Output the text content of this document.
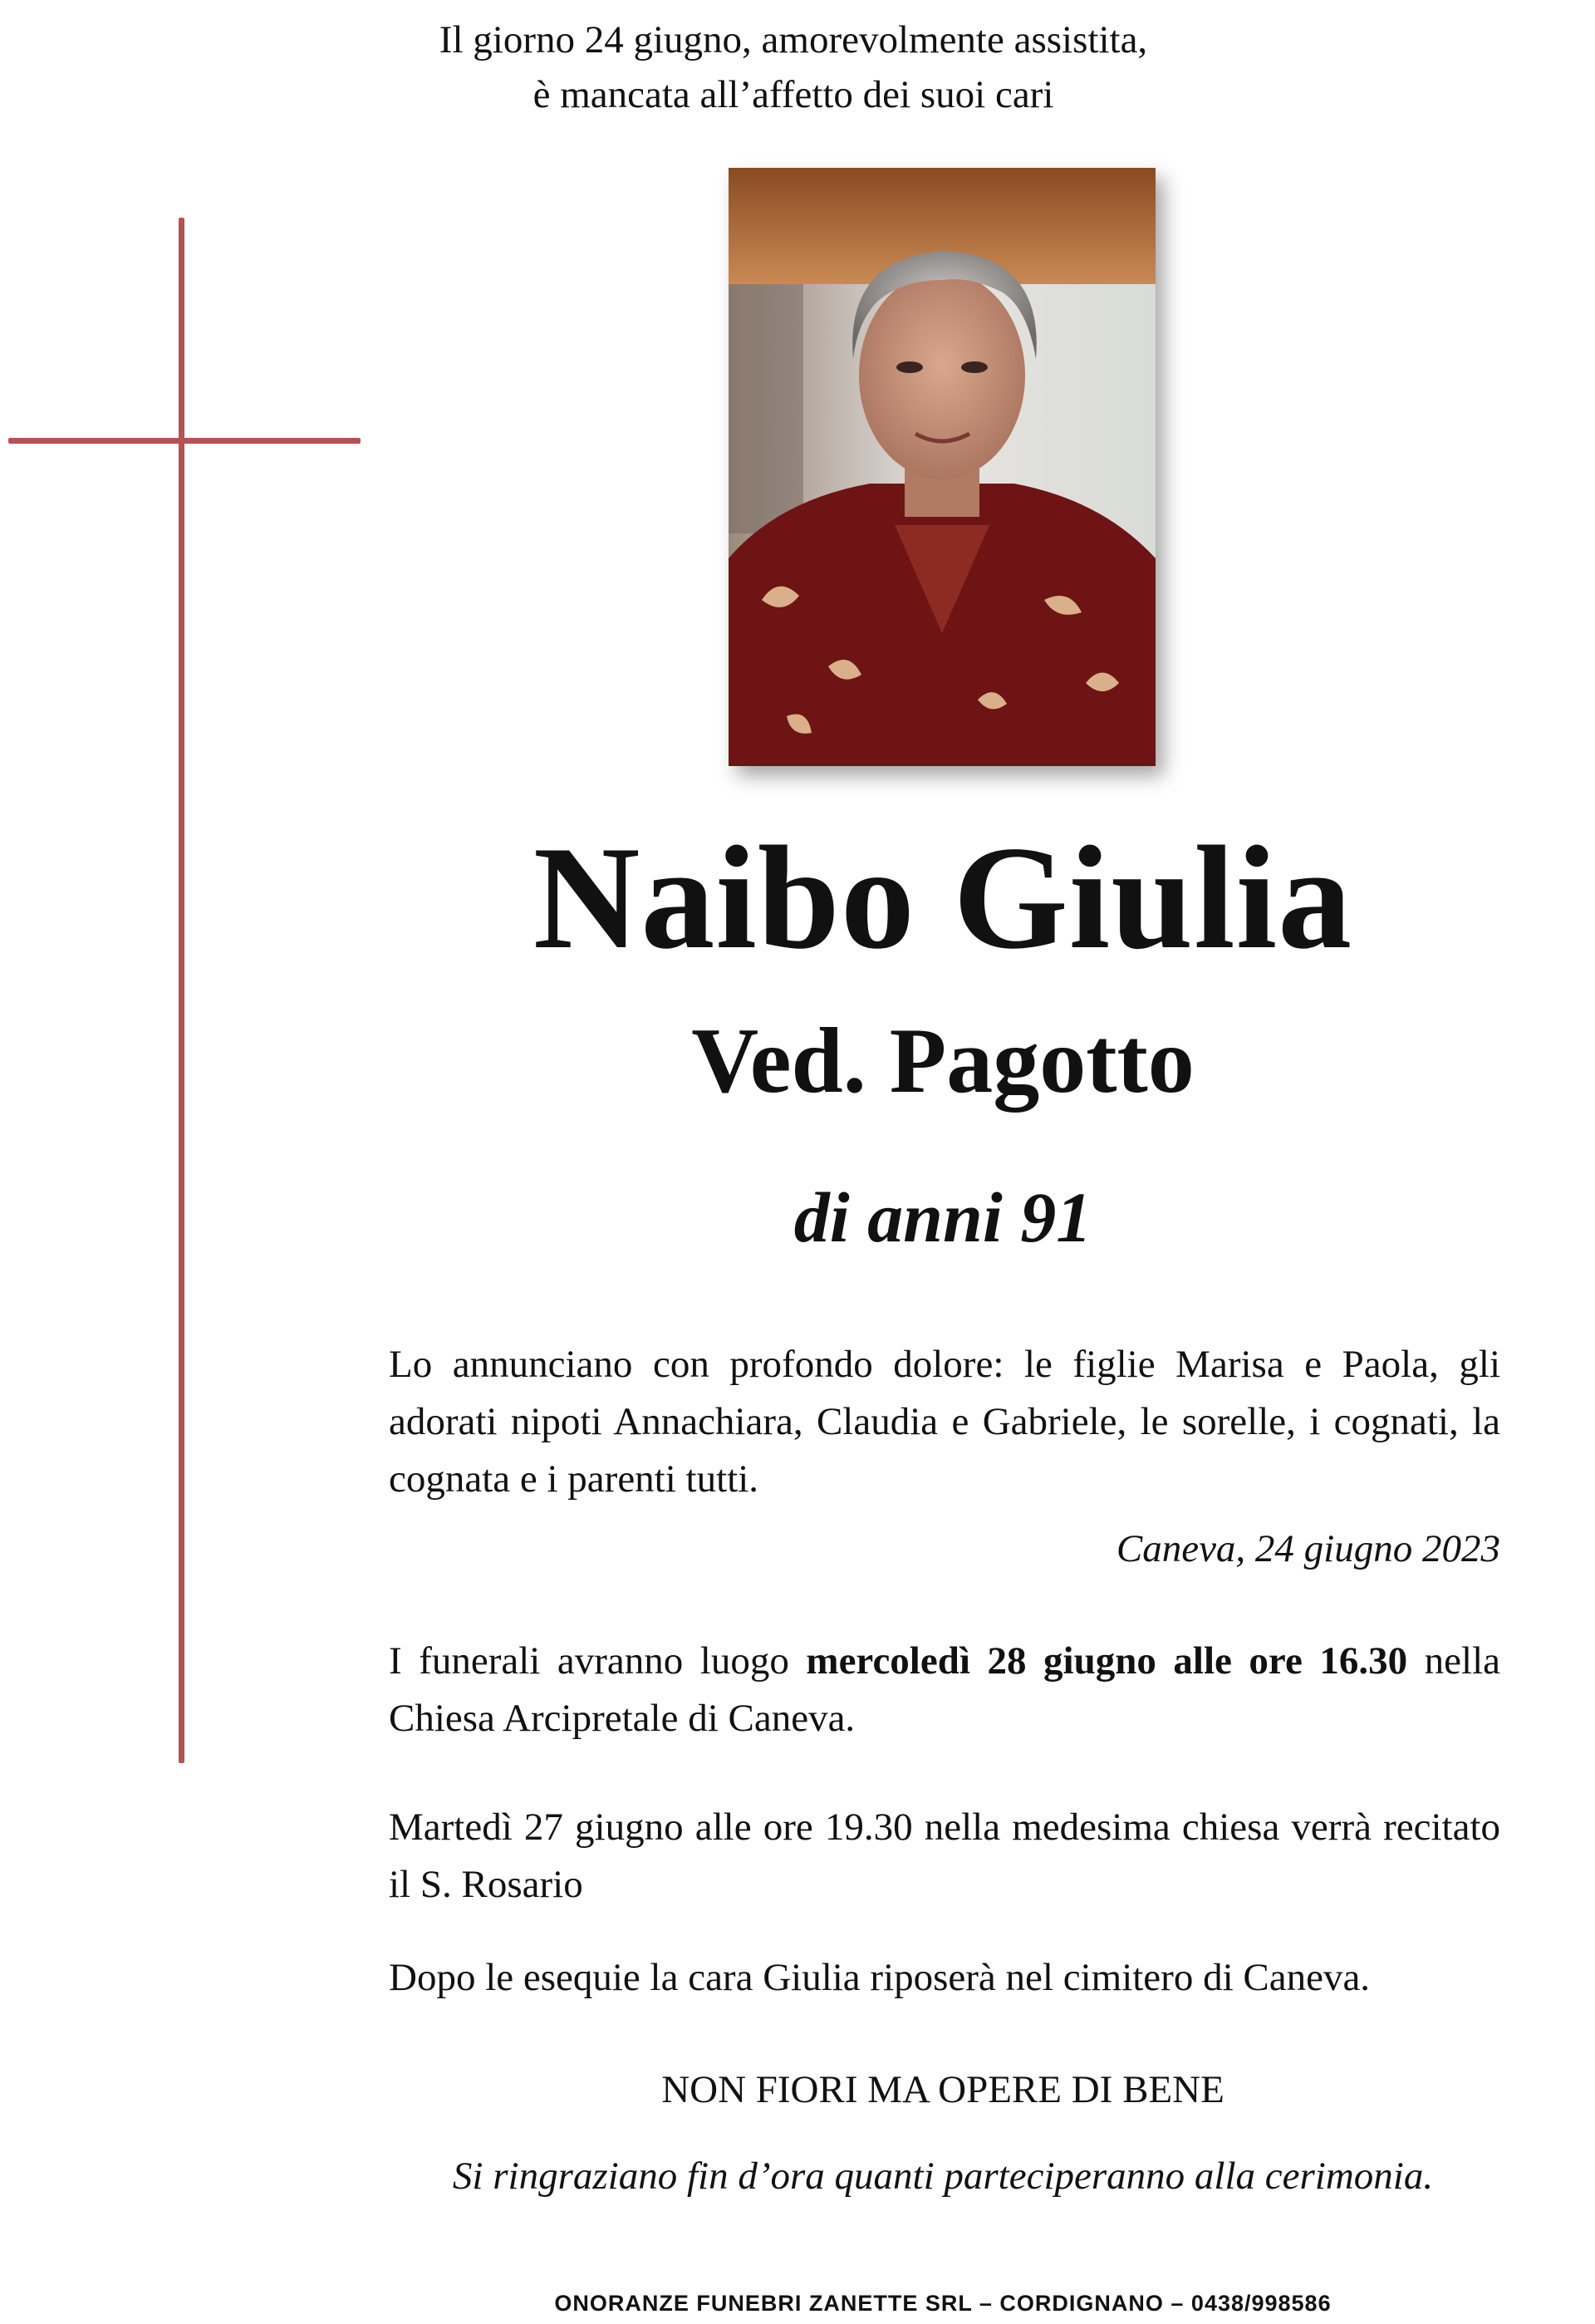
Il giorno 24 giugno, amorevolmente assistita,
è mancata all’affetto dei suoi cari
Naibo Giulia
Ved. Pagotto
di anni 91
Lo annunciano con profondo dolore: le figlie Marisa e Paola, gli adorati nipoti Annachiara, Claudia e Gabriele, le sorelle, i cognati, la cognata e i parenti tutti.
Caneva, 24 giugno 2023
I funerali avranno luogo mercoledì 28 giugno alle ore 16.30 nella Chiesa Arcipretale di Caneva.
Martedì 27 giugno alle ore 19.30 nella medesima chiesa verrà recitato il S. Rosario
Dopo le esequie la cara Giulia riposerà nel cimitero di Caneva.
NON FIORI MA OPERE DI BENE
Si ringraziano fin d’ora quanti parteciperanno alla cerimonia.
ONORANZE FUNEBRI ZANETTE SRL – CORDIGNANO – 0438/998586
